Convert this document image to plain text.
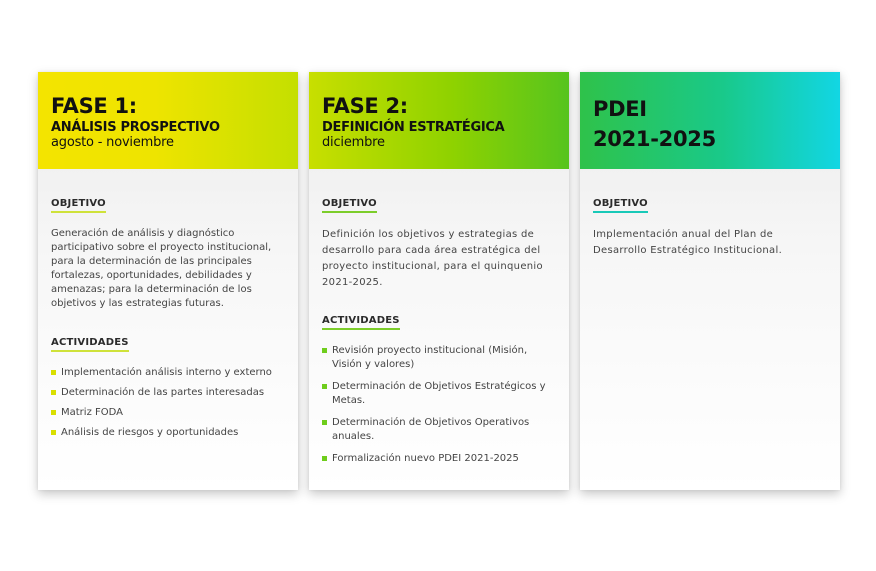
FASE 1:
ANÁLISIS PROSPECTIVO
agosto - noviembre
OBJETIVO

Generación de análisis y diagnóstico participativo sobre el proyecto institucional, para la determinación de las principales fortalezas, oportunidades, debilidades y amenazas; para la determinación de los objetivos y las estrategias futuras.

ACTIVIDADES
Implementación análisis interno y externo
Determinación de las partes interesadas
Matriz FODA
Análisis de riesgos y oportunidades
FASE 2:
DEFINICIÓN ESTRATÉGICA
diciembre
OBJETIVO

Definición los objetivos y estrategias de desarrollo para cada área estratégica del proyecto institucional, para el quinquenio 2021-2025.

ACTIVIDADES
Revisión proyecto institucional (Misión, Visión y valores)
Determinación de Objetivos Estratégicos y Metas.
Determinación de Objetivos Operativos anuales.
Formalización nuevo PDEI 2021-2025
PDEI
2021-2025
OBJETIVO

Implementación anual del Plan de Desarrollo Estratégico Institucional.
